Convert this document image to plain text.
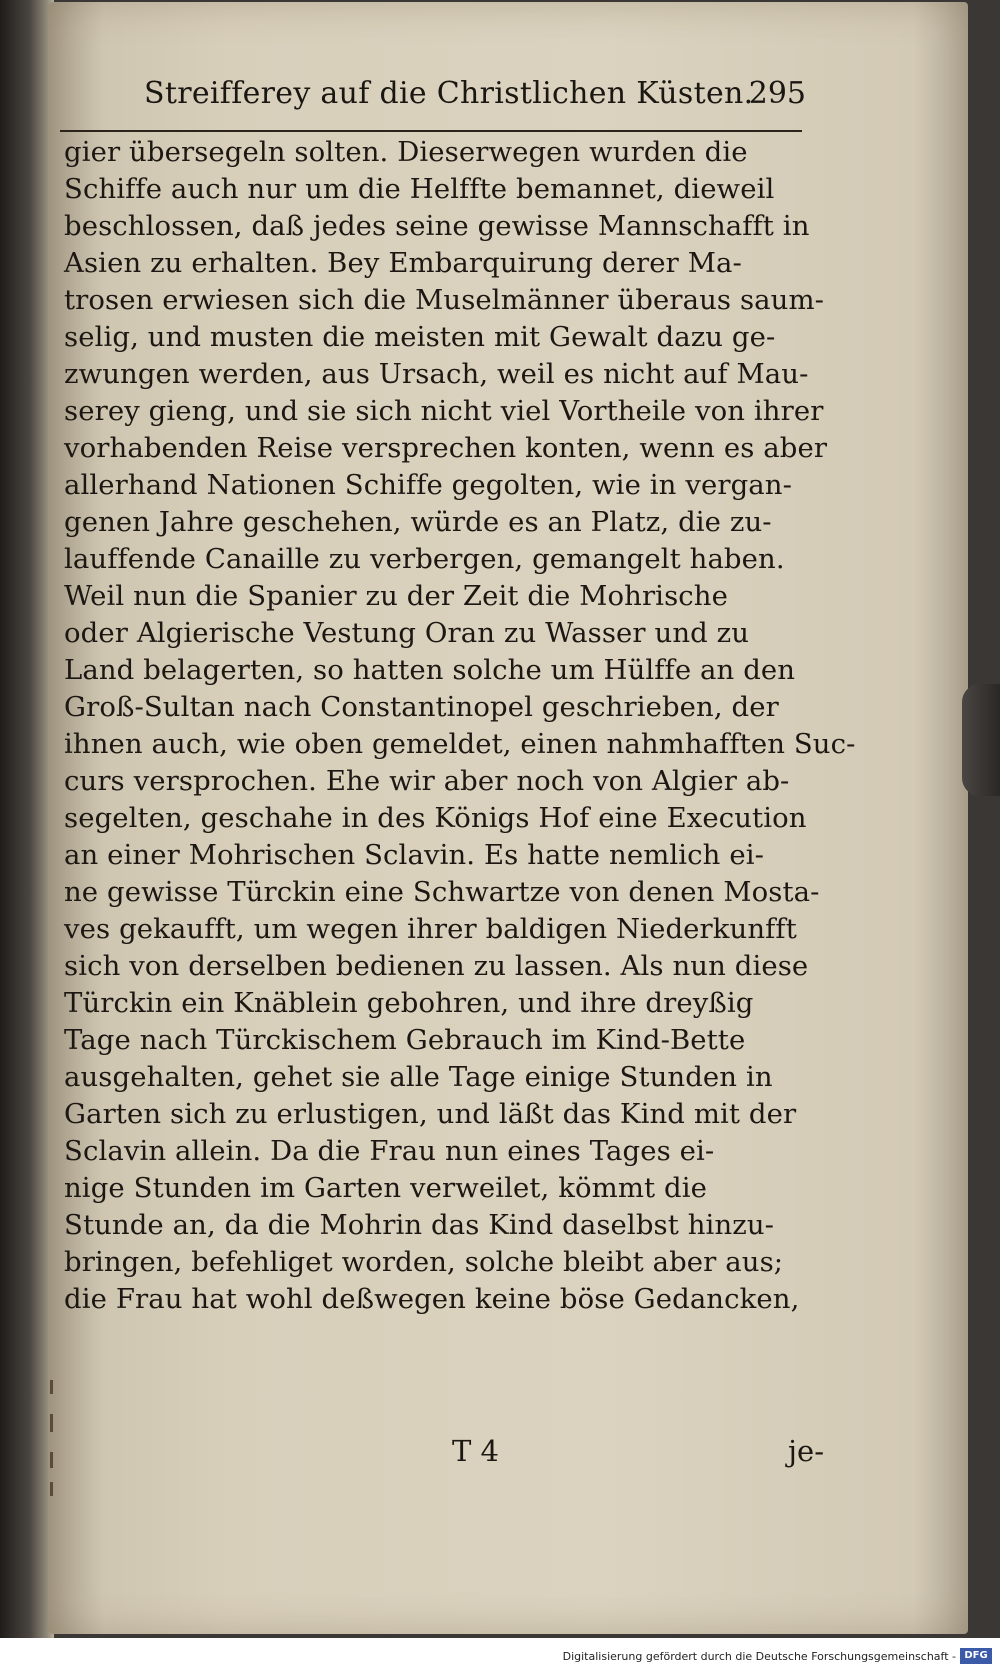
Streifferey auf die Christlichen Küsten.
295
gier übersegeln solten. Dieserwegen wurden die
Schiffe auch nur um die Helffte bemannet, dieweil
beschlossen, daß jedes seine gewisse Mannschafft in
Asien zu erhalten. Bey Embarquirung derer Ma-
trosen erwiesen sich die Muselmänner überaus saum-
selig, und musten die meisten mit Gewalt dazu ge-
zwungen werden, aus Ursach, weil es nicht auf Mau-
serey gieng, und sie sich nicht viel Vortheile von ihrer
vorhabenden Reise versprechen konten, wenn es aber
allerhand Nationen Schiffe gegolten, wie in vergan-
genen Jahre geschehen, würde es an Platz, die zu-
lauffende Canaille zu verbergen, gemangelt haben.
Weil nun die Spanier zu der Zeit die Mohrische
oder Algierische Vestung Oran zu Wasser und zu
Land belagerten, so hatten solche um Hülffe an den
Groß-Sultan nach Constantinopel geschrieben, der
ihnen auch, wie oben gemeldet, einen nahmhafften Suc-
curs versprochen. Ehe wir aber noch von Algier ab-
segelten, geschahe in des Königs Hof eine Execution
an einer Mohrischen Sclavin. Es hatte nemlich ei-
ne gewisse Türckin eine Schwartze von denen Mosta-
ves gekaufft, um wegen ihrer baldigen Niederkunfft
sich von derselben bedienen zu lassen. Als nun diese
Türckin ein Knäblein gebohren, und ihre dreyßig
Tage nach Türckischem Gebrauch im Kind-Bette
ausgehalten, gehet sie alle Tage einige Stunden in
Garten sich zu erlustigen, und läßt das Kind mit der
Sclavin allein. Da die Frau nun eines Tages ei-
nige Stunden im Garten verweilet, kömmt die
Stunde an, da die Mohrin das Kind daselbst hinzu-
bringen, befehliget worden, solche bleibt aber aus;
die Frau hat wohl deßwegen keine böse Gedancken,
T 4	je-
Digitalisierung gefördert durch die Deutsche Forschungsgemeinschaft - DFG
